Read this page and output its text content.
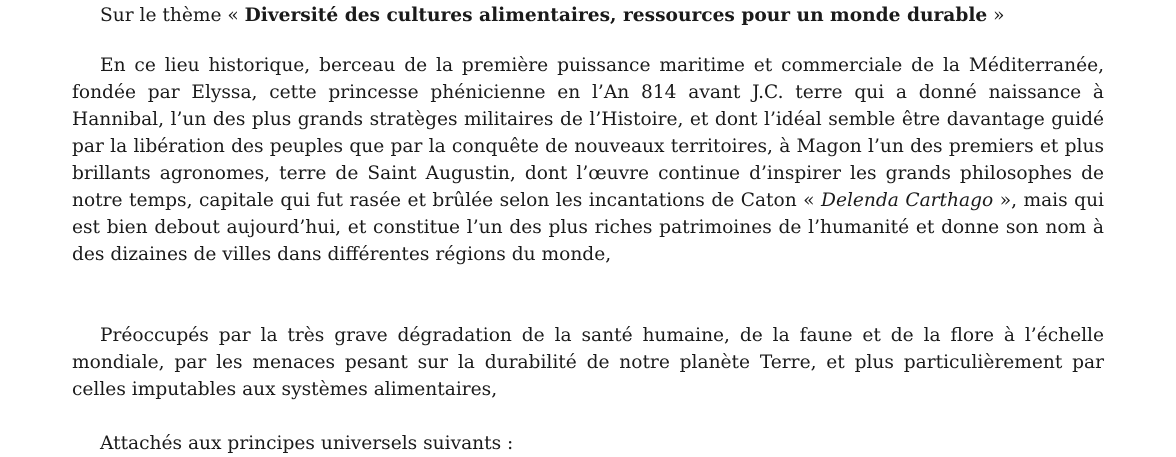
Sur le thème « Diversité des cultures alimentaires, ressources pour un monde durable »

En ce lieu historique, berceau de la première puissance maritime et commerciale de la Méditerranée, fondée par Elyssa, cette princesse phénicienne en l’An 814 avant J.C. terre qui a donné naissance à Hannibal, l’un des plus grands stratèges militaires de l’Histoire, et dont l’idéal semble être davantage guidé par la libération des peuples que par la conquête de nouveaux territoires, à Magon l’un des premiers et plus brillants agronomes, terre de Saint Augustin, dont l’œuvre continue d’inspirer les grands philosophes de notre temps, capitale qui fut rasée et brûlée selon les incantations de Caton « Delenda Carthago », mais qui est bien debout aujourd’hui, et constitue l’un des plus riches patrimoines de l’humanité et donne son nom à des dizaines de villes dans différentes régions du monde,

Préoccupés par la très grave dégradation de la santé humaine, de la faune et de la flore à l’échelle mondiale, par les menaces pesant sur la durabilité de notre planète Terre, et plus particulièrement par celles imputables aux systèmes alimentaires,

Attachés aux principes universels suivants :
